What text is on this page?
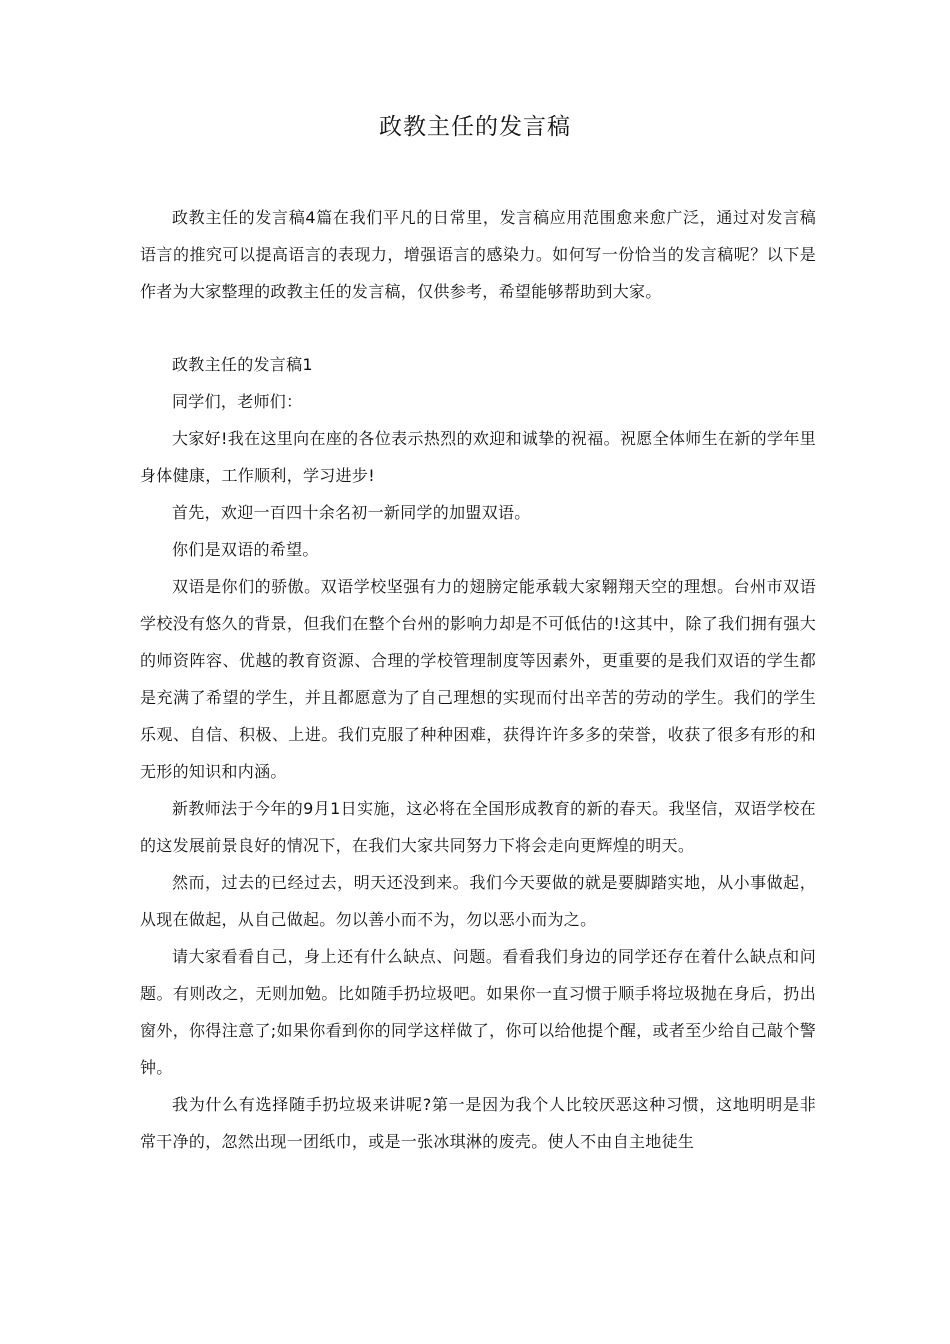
政教主任的发言稿

政教主任的发言稿4篇在我们平凡的日常里，发言稿应用范围愈来愈广泛，通过对发言稿语言的推究可以提高语言的表现力，增强语言的感染力。如何写一份恰当的发言稿呢？以下是作者为大家整理的政教主任的发言稿，仅供参考，希望能够帮助到大家。

政教主任的发言稿1

同学们，老师们：

大家好!我在这里向在座的各位表示热烈的欢迎和诚挚的祝福。祝愿全体师生在新的学年里身体健康，工作顺利，学习进步!

首先，欢迎一百四十余名初一新同学的加盟双语。

你们是双语的希望。

双语是你们的骄傲。双语学校坚强有力的翅膀定能承载大家翱翔天空的理想。台州市双语学校没有悠久的背景，但我们在整个台州的影响力却是不可低估的!这其中，除了我们拥有强大的师资阵容、优越的教育资源、合理的学校管理制度等因素外，更重要的是我们双语的学生都是充满了希望的学生，并且都愿意为了自己理想的实现而付出辛苦的劳动的学生。我们的学生乐观、自信、积极、上进。我们克服了种种困难，获得许许多多的荣誉，收获了很多有形的和无形的知识和内涵。

新教师法于今年的9月1日实施，这必将在全国形成教育的新的春天。我坚信，双语学校在的这发展前景良好的情况下，在我们大家共同努力下将会走向更辉煌的明天。

然而，过去的已经过去，明天还没到来。我们今天要做的就是要脚踏实地，从小事做起，从现在做起，从自己做起。勿以善小而不为，勿以恶小而为之。

请大家看看自己，身上还有什么缺点、问题。看看我们身边的同学还存在着什么缺点和问题。有则改之，无则加勉。比如随手扔垃圾吧。如果你一直习惯于顺手将垃圾抛在身后，扔出窗外，你得注意了;如果你看到你的同学这样做了，你可以给他提个醒，或者至少给自己敲个警钟。

我为什么有选择随手扔垃圾来讲呢?第一是因为我个人比较厌恶这种习惯，这地明明是非常干净的，忽然出现一团纸巾，或是一张冰琪淋的废壳。使人不由自主地徒生
